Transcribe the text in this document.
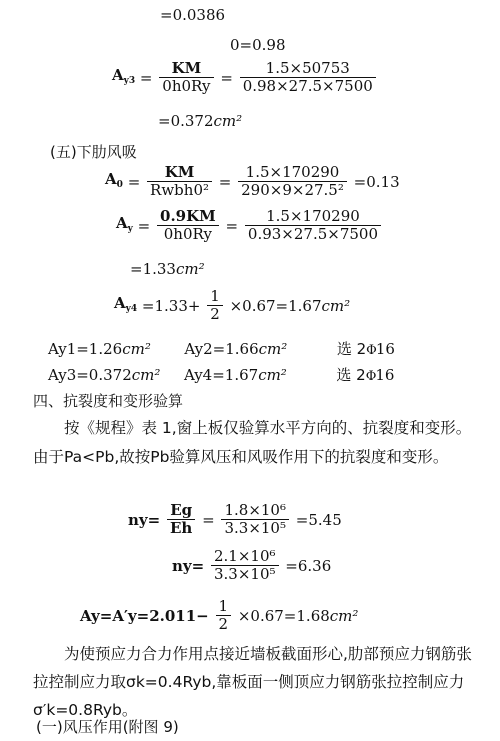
=0.0386
0=0.98
$A_{y3} = \frac{KM}{0h0Ry} = \frac{1.5\times 50753}{0.98\times 27.5\times 7500}$
=0.372cm²
(五)下肋风吸
$A_0 = \frac{KM}{\text{Rwbh0²}} = \frac{1.5\times 170290}{\text{290×9×27.5²}} =0.13$
$A_y = \frac{0.9KM}{0h0Ry} = \frac{1.5\times 170290}{0.93\times 27.5\times 7500}$
=1.33cm²
$A_{y4} =1.33+ \frac{1}{2} \times 0.67=1.67cm^2$
Ay1=1.26cm² Ay2=1.66cm²	选 2Φ16
Ay3=0.372cm² Ay4=1.67cm²	选 2Φ16
四、抗裂度和变形验算
按《规程》表 1,窗上板仅验算水平方向的、抗裂度和变形。由于Pa<Pb,故按Pb验算风压和风吸作用下的抗裂度和变形。
$ny= \frac{Eg}{Eh} = \frac{\text{1.8×10⁶}}{\text{3.3×10⁵}} =5.45$
$ny= \frac{\text{2.1×10⁶}}{\text{3.3×10⁵}} =6.36$
$Ay=A'y=2.011- \frac{1}{2} \times 0.67=1.68cm^2$
为使预应力合力作用点接近墙板截面形心,肋部预应力钢筋张拉控制应力取σk=0.4Ryb,靠板面一侧顶应力钢筋张拉控制应力σ′k=0.8Ryb。
(一)风压作用(附图 9)
